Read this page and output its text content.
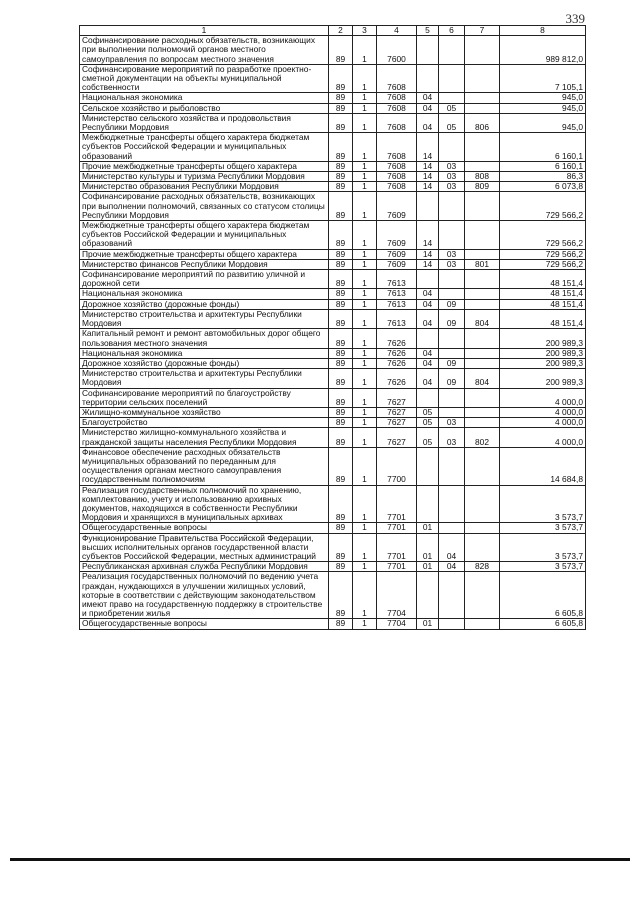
339
1	2	3	4	5	6	7	8
Софинансирование расходных обязательств, возникающих при выполнении полномочий органов местного самоуправления по вопросам местного значения	89	1	7600				989 812,0
Софинансирование мероприятий по разработке проектно-сметной документации на объекты муниципальной собственности	89	1	7608				7 105,1
Национальная экономика	89	1	7608	04			945,0
Сельское хозяйство и рыболовство	89	1	7608	04	05		945,0
Министерство сельского хозяйства и продовольствия Республики Мордовия	89	1	7608	04	05	806	945,0
Межбюджетные трансферты общего характера бюджетам субъектов Российской Федерации и муниципальных образований	89	1	7608	14			6 160,1
Прочие межбюджетные трансферты общего характера	89	1	7608	14	03		6 160,1
Министерство культуры и туризма Республики Мордовия	89	1	7608	14	03	808	86,3
Министерство образования Республики Мордовия	89	1	7608	14	03	809	6 073,8
Софинансирование расходных обязательств, возникающих при выполнении полномочий, связанных со статусом столицы Республики Мордовия	89	1	7609				729 566,2
Межбюджетные трансферты общего характера бюджетам субъектов Российской Федерации и муниципальных образований	89	1	7609	14			729 566,2
Прочие межбюджетные трансферты общего характера	89	1	7609	14	03		729 566,2
Министерство финансов Республики Мордовия	89	1	7609	14	03	801	729 566,2
Софинансирование мероприятий по развитию уличной и дорожной сети	89	1	7613				48 151,4
Национальная экономика	89	1	7613	04			48 151,4
Дорожное хозяйство (дорожные фонды)	89	1	7613	04	09		48 151,4
Министерство строительства и архитектуры Республики Мордовия	89	1	7613	04	09	804	48 151,4
Капитальный ремонт и ремонт автомобильных дорог общего пользования местного значения	89	1	7626				200 989,3
Национальная экономика	89	1	7626	04			200 989,3
Дорожное хозяйство (дорожные фонды)	89	1	7626	04	09		200 989,3
Министерство строительства и архитектуры Республики Мордовия	89	1	7626	04	09	804	200 989,3
Софинансирование мероприятий по благоустройству территории сельских поселений	89	1	7627				4 000,0
Жилищно-коммунальное хозяйство	89	1	7627	05			4 000,0
Благоустройство	89	1	7627	05	03		4 000,0
Министерство жилищно-коммунального хозяйства и гражданской защиты населения Республики Мордовия	89	1	7627	05	03	802	4 000,0
Финансовое обеспечение расходных обязательств муниципальных образований по переданным для осуществления органам местного самоуправления государственным полномочиям	89	1	7700				14 684,8
Реализация государственных полномочий по хранению, комплектованию, учету и использованию архивных документов, находящихся в собственности Республики Мордовия и хранящихся в муниципальных архивах	89	1	7701				3 573,7
Общегосударственные вопросы	89	1	7701	01			3 573,7
Функционирование Правительства Российской Федерации, высших исполнительных органов государственной власти субъектов Российской Федерации, местных администраций	89	1	7701	01	04		3 573,7
Республиканская архивная служба Республики Мордовия	89	1	7701	01	04	828	3 573,7
Реализация государственных полномочий по ведению учета граждан, нуждающихся в улучшении жилищных условий, которые в соответствии с действующим законодательством имеют право на государственную поддержку в строительстве и приобретении жилья	89	1	7704				6 605,8
Общегосударственные вопросы	89	1	7704	01			6 605,8
